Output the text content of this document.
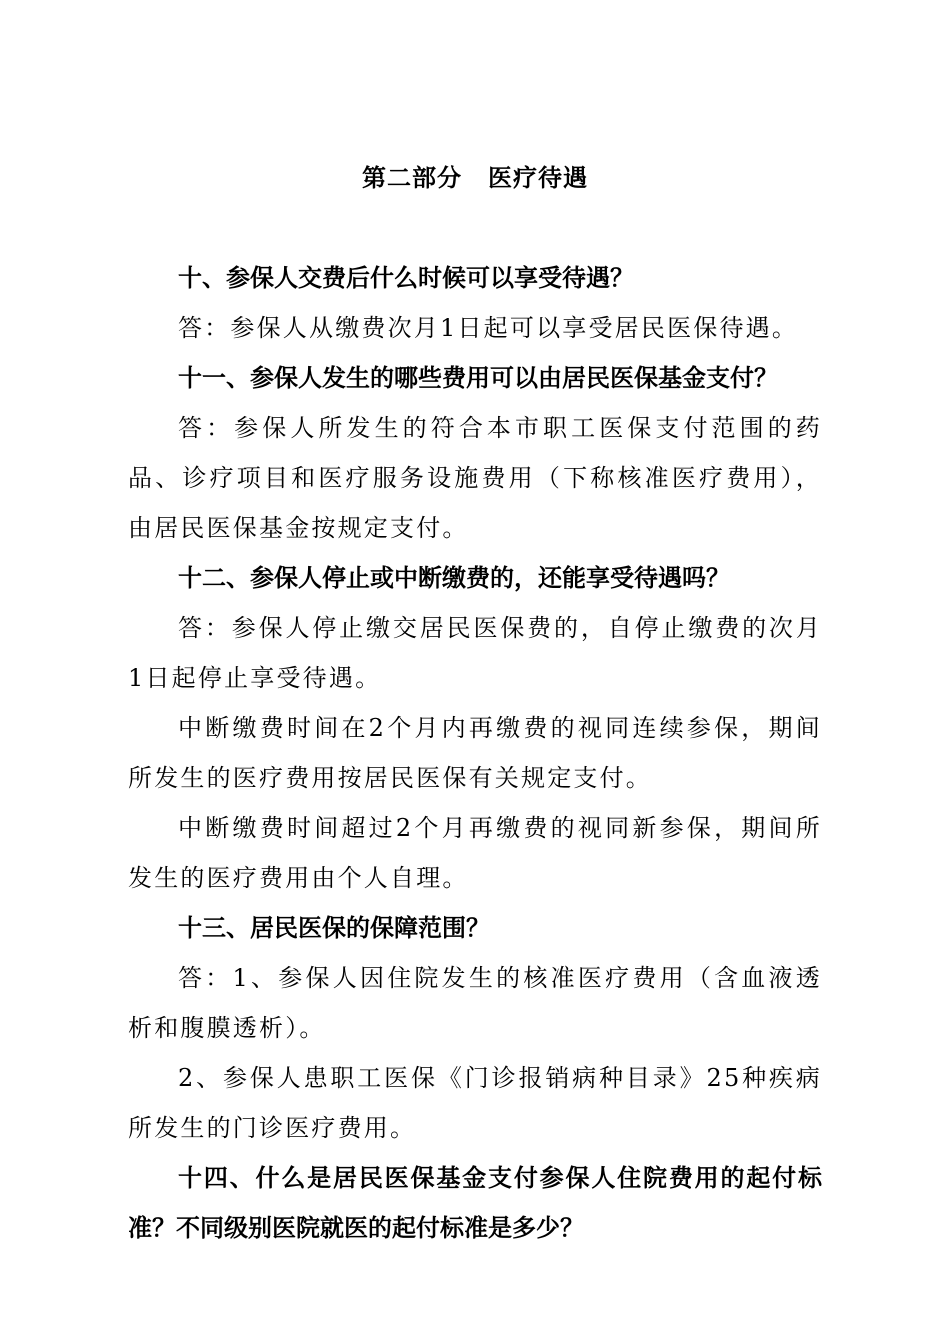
第二部分 医疗待遇

十、参保人交费后什么时候可以享受待遇？

答：参保人从缴费次月1日起可以享受居民医保待遇。

十一、参保人发生的哪些费用可以由居民医保基金支付？

答：参保人所发生的符合本市职工医保支付范围的药品、诊疗项目和医疗服务设施费用（下称核准医疗费用），由居民医保基金按规定支付。

十二、参保人停止或中断缴费的，还能享受待遇吗？

答：参保人停止缴交居民医保费的，自停止缴费的次月1日起停止享受待遇。

中断缴费时间在2个月内再缴费的视同连续参保，期间所发生的医疗费用按居民医保有关规定支付。

中断缴费时间超过2个月再缴费的视同新参保，期间所发生的医疗费用由个人自理。

十三、居民医保的保障范围？

答：1、参保人因住院发生的核准医疗费用（含血液透析和腹膜透析）。

2、参保人患职工医保《门诊报销病种目录》25种疾病所发生的门诊医疗费用。

十四、什么是居民医保基金支付参保人住院费用的起付标准？不同级别医院就医的起付标准是多少？
